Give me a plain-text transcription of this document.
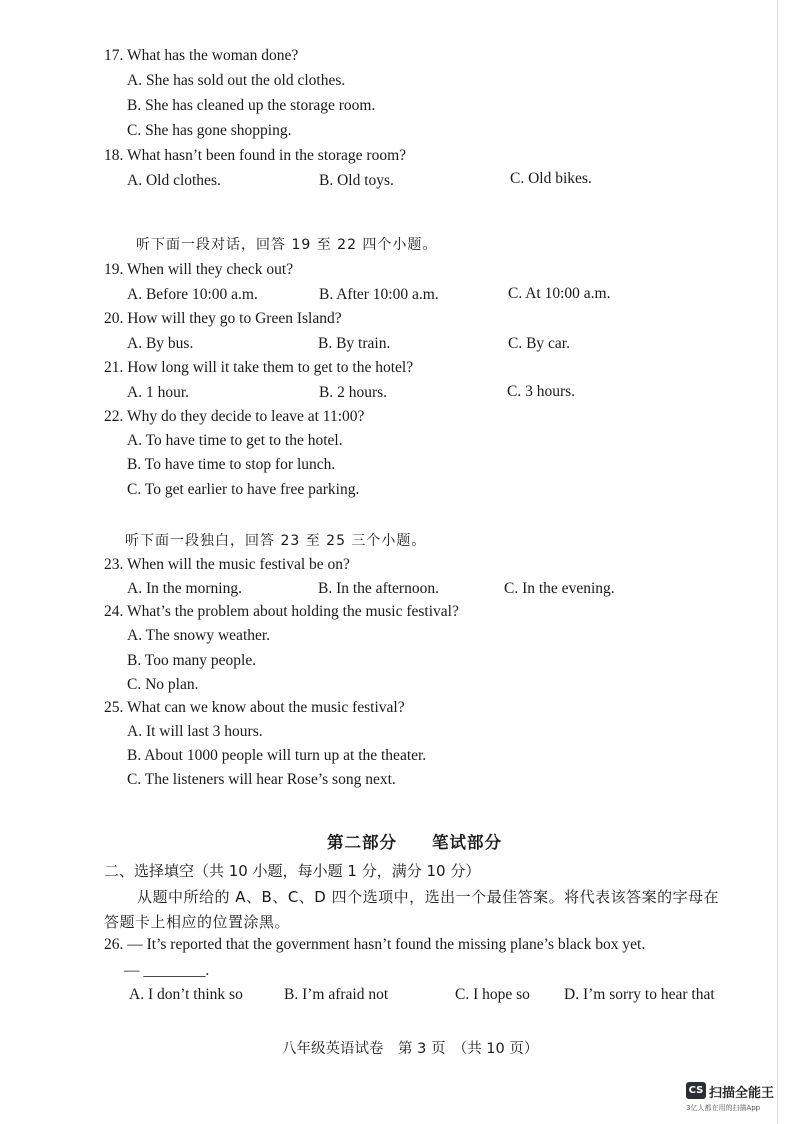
17. What has the woman done?
A. She has sold out the old clothes.
B. She has cleaned up the storage room.
C. She has gone shopping.
18. What hasn’t been found in the storage room?
A. Old clothes.	B. Old toys.	C. Old bikes.
听下面一段对话，回答 19 至 22 四个小题。
19. When will they check out?
A. Before 10:00 a.m.	B. After 10:00 a.m.	C. At 10:00 a.m.
20. How will they go to Green Island?
A. By bus.	B. By train.	C. By car.
21. How long will it take them to get to the hotel?
A. 1 hour.	B. 2 hours.	C. 3 hours.
22. Why do they decide to leave at 11:00?
A. To have time to get to the hotel.
B. To have time to stop for lunch.
C. To get earlier to have free parking.
听下面一段独白，回答 23 至 25 三个小题。
23. When will the music festival be on?
A. In the morning.	B. In the afternoon.	C. In the evening.
24. What’s the problem about holding the music festival?
A. The snowy weather.
B. Too many people.
C. No plan.
25. What can we know about the music festival?
A. It will last 3 hours.
B. About 1000 people will turn up at the theater.
C. The listeners will hear Rose’s song next.
第二部分　　笔试部分
二、选择填空（共 10 小题，每小题 1 分，满分 10 分）
从题中所给的 A、B、C、D 四个选项中，选出一个最佳答案。将代表该答案的字母在
答题卡上相应的位置涂黑。
26. — It’s reported that the government hasn’t found the missing plane’s black box yet.
— ________.
A. I don’t think so	B. I’m afraid not	C. I hope so D. I’m sorry to hear that
八年级英语试卷　第 3 页　（共 10 页）
CS 扫描全能王
3亿人都在用的扫描App
